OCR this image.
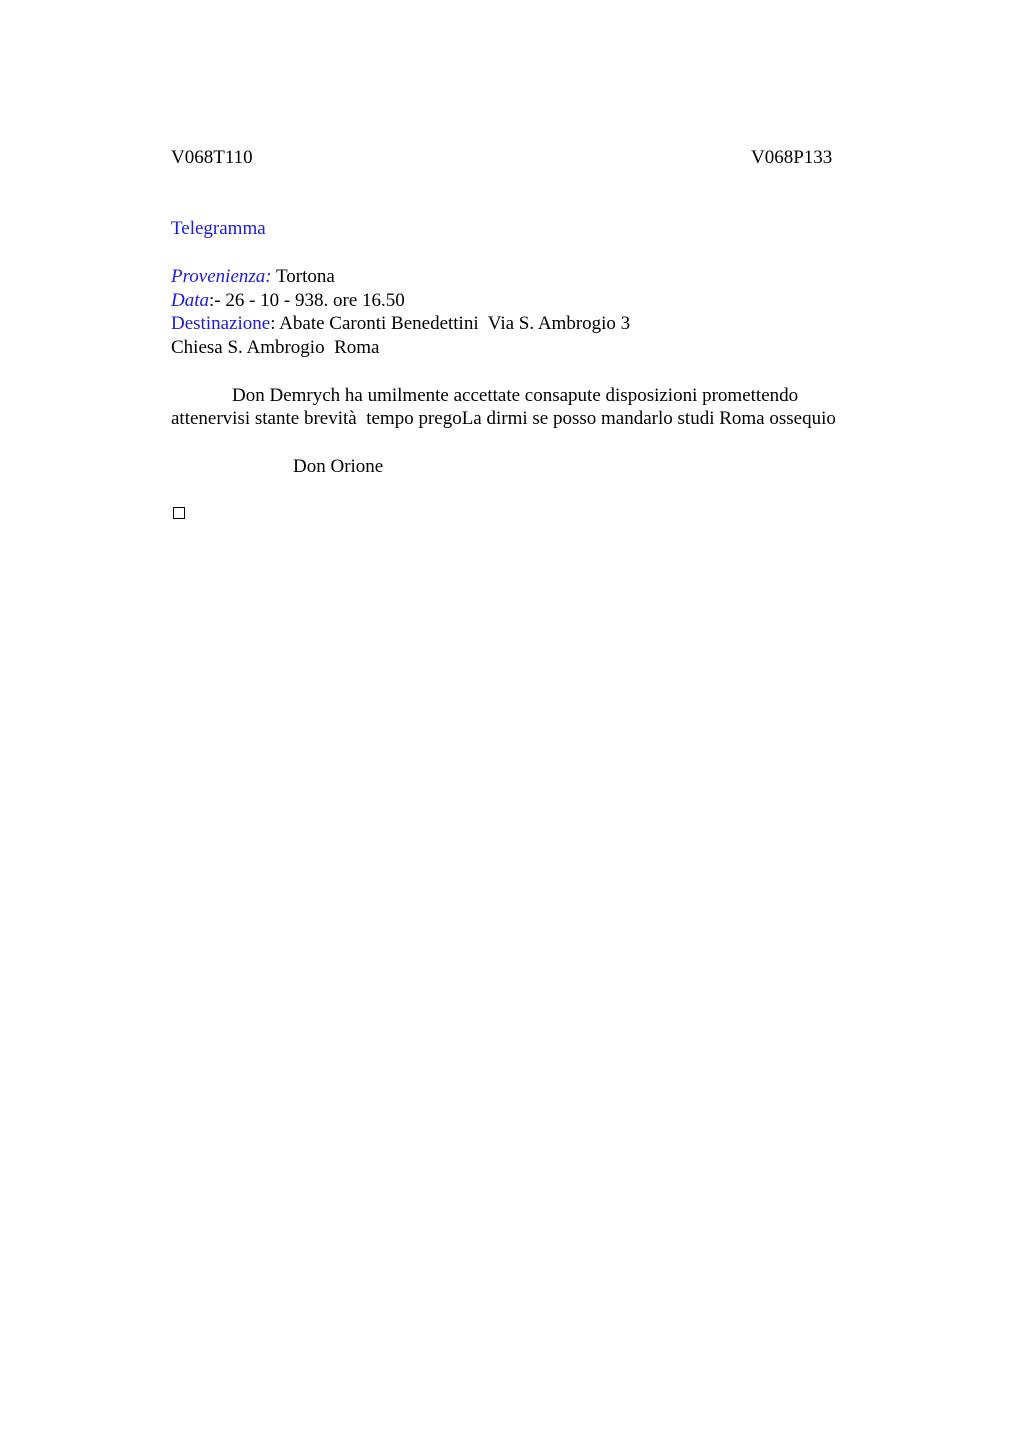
V068T110	V068P133
Telegramma
Provenienza: Tortona
Data:- 26 - 10 - 938. ore 16.50
Destinazione: Abate Caronti Benedettini  Via S. Ambrogio 3
Chiesa S. Ambrogio  Roma
Don Demrych ha umilmente accettate consapute disposizioni promettendo
attenervisi stante brevità  tempo pregoLa dirmi se posso mandarlo studi Roma ossequio
Don Orione
